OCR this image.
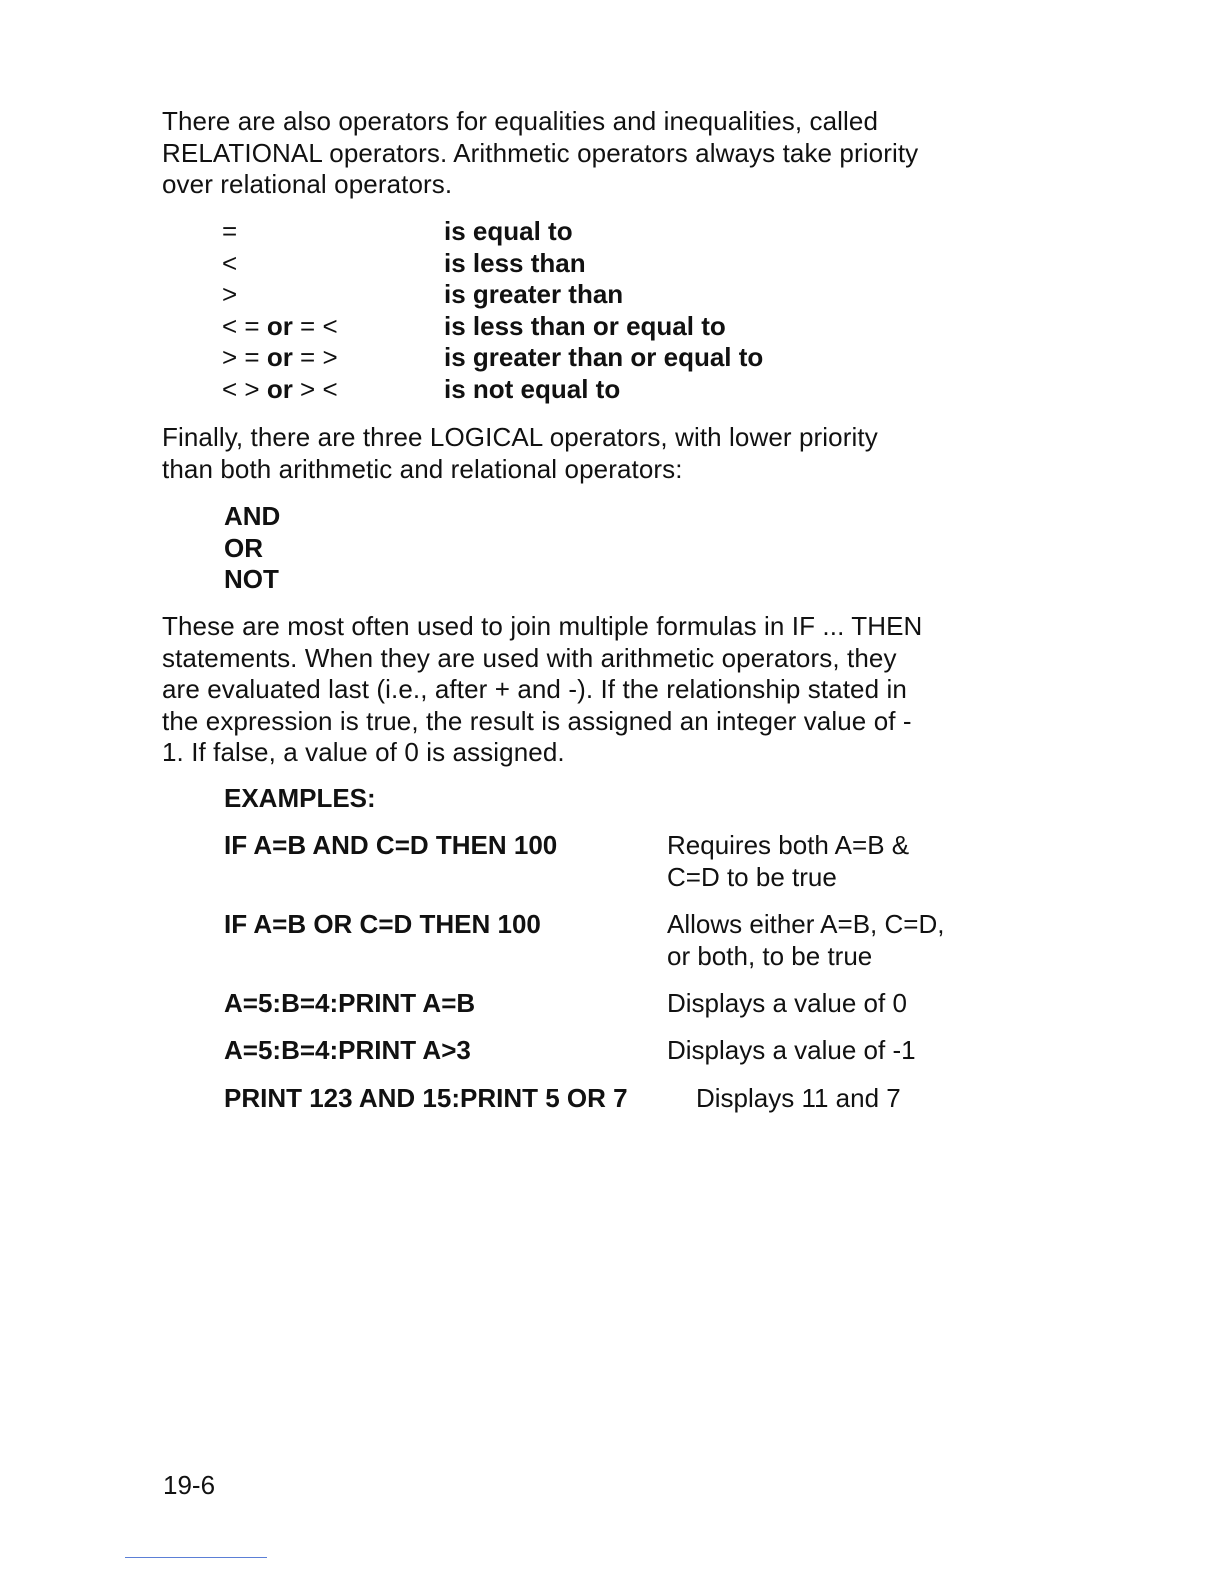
There are also operators for equalities and inequalities, called
RELATIONAL operators. Arithmetic operators always take priority
over relational operators.

=	is equal to
<	is less than
>	is greater than
< = or = <	is less than or equal to
> = or = >	is greater than or equal to
< > or > <	is not equal to

Finally, there are three LOGICAL operators, with lower priority
than both arithmetic and relational operators:

AND
OR
NOT

These are most often used to join multiple formulas in IF ... THEN
statements. When they are used with arithmetic operators, they
are evaluated last (i.e., after + and -). If the relationship stated in
the expression is true, the result is assigned an integer value of -
1. If false, a value of 0 is assigned.

EXAMPLES:
IF A=B AND C=D THEN 100	Requires both A=B &
C=D to be true
IF A=B OR C=D THEN 100	Allows either A=B, C=D,
or both, to be true
A=5:B=4:PRINT A=B	Displays a value of 0
A=5:B=4:PRINT A>3	Displays a value of -1
PRINT 123 AND 15:PRINT 5 OR 7	Displays 11 and 7
19-6
